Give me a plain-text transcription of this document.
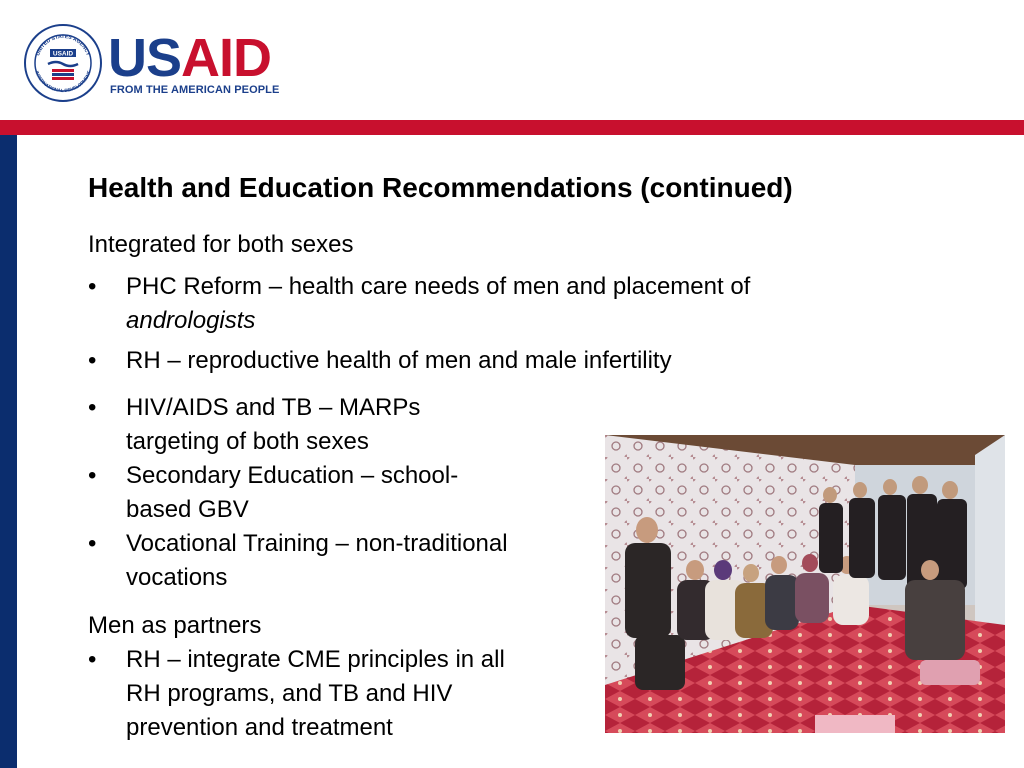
UNITED STATES AGENCY
INTERNATIONAL DEVELOPMENT
USAID USAID
FROM THE AMERICAN PEOPLE
Health and Education Recommendations (continued)
Integrated for both sexes
• PHC Reform – health care needs of men and placement of
andrologists
• RH – reproductive health of men and male infertility
• HIV/AIDS and TB – MARPs
targeting of both sexes
• Secondary Education – school-
based GBV
• Vocational Training – non-traditional
vocations
Men as partners
• RH – integrate CME principles in all
RH programs, and TB and HIV
prevention and treatment
